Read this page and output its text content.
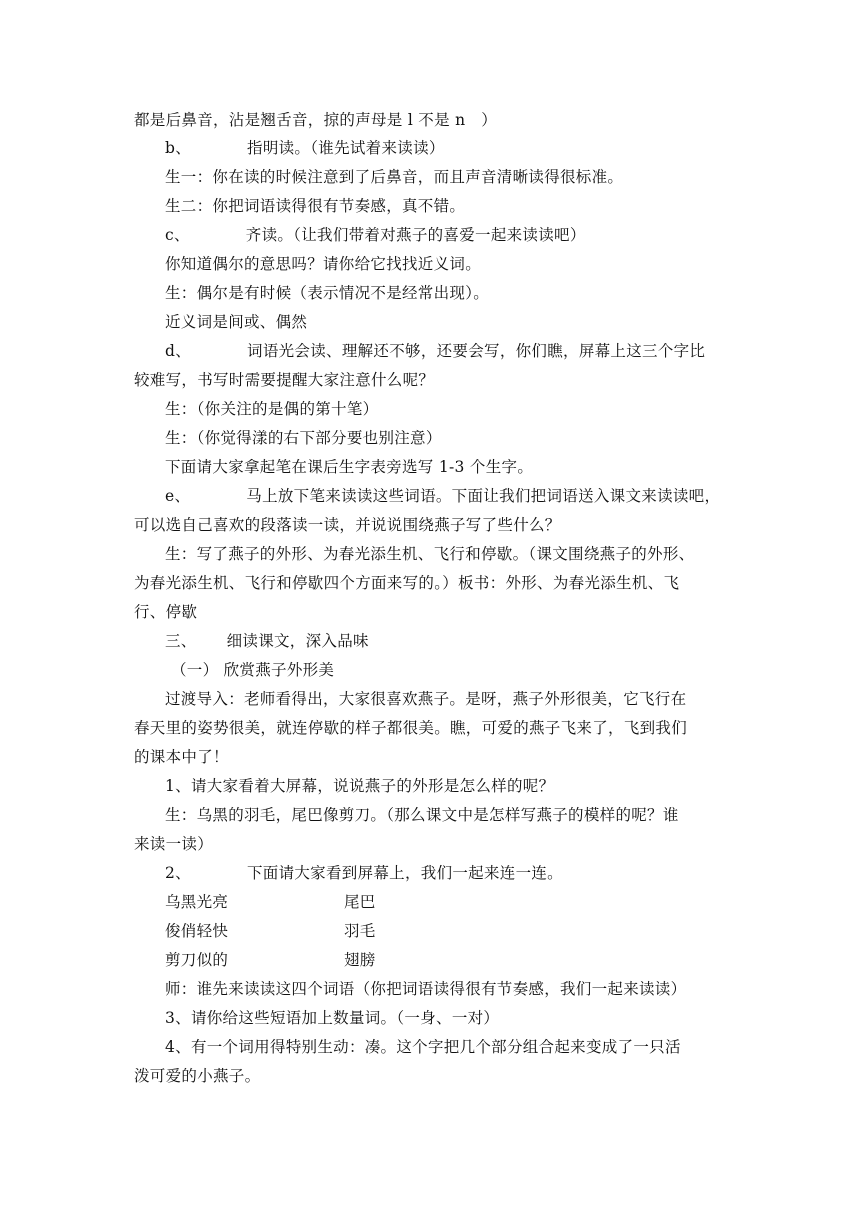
都是后鼻音，沾是翘舌音，掠的声母是 l 不是 n　）
b、	指明读。（谁先试着来读读）
生一：你在读的时候注意到了后鼻音，而且声音清晰读得很标准。
生二：你把词语读得很有节奏感，真不错。
c、	齐读。（让我们带着对燕子的喜爱一起来读读吧）
你知道偶尔的意思吗？请你给它找找近义词。
生：偶尔是有时候（表示情况不是经常出现）。
近义词是间或、偶然
d、	词语光会读、理解还不够，还要会写，你们瞧，屏幕上这三个字比
较难写，书写时需要提醒大家注意什么呢？
生：（你关注的是偶的第十笔）
生：（你觉得漾的右下部分要也别注意）
下面请大家拿起笔在课后生字表旁选写 1-3 个生字。
e、	马上放下笔来读读这些词语。下面让我们把词语送入课文来读读吧，
可以选自己喜欢的段落读一读，并说说围绕燕子写了些什么？
生：写了燕子的外形、为春光添生机、飞行和停歇。（课文围绕燕子的外形、
为春光添生机、飞行和停歇四个方面来写的。）板书：外形、为春光添生机、飞
行、停歇
三、 细读课文，深入品味
（一） 欣赏燕子外形美
过渡导入：老师看得出，大家很喜欢燕子。是呀，燕子外形很美，它飞行在
春天里的姿势很美，就连停歇的样子都很美。瞧，可爱的燕子飞来了，飞到我们
的课本中了！
1、请大家看着大屏幕，说说燕子的外形是怎么样的呢？
生：乌黑的羽毛，尾巴像剪刀。（那么课文中是怎样写燕子的模样的呢？谁
来读一读）
2、	下面请大家看到屏幕上，我们一起来连一连。
乌黑光亮	尾巴
俊俏轻快	羽毛
剪刀似的	翅膀
师：谁先来读读这四个词语（你把词语读得很有节奏感，我们一起来读读）
3、请你给这些短语加上数量词。（一身、一对）
4、有一个词用得特别生动：凑。这个字把几个部分组合起来变成了一只活
泼可爱的小燕子。
